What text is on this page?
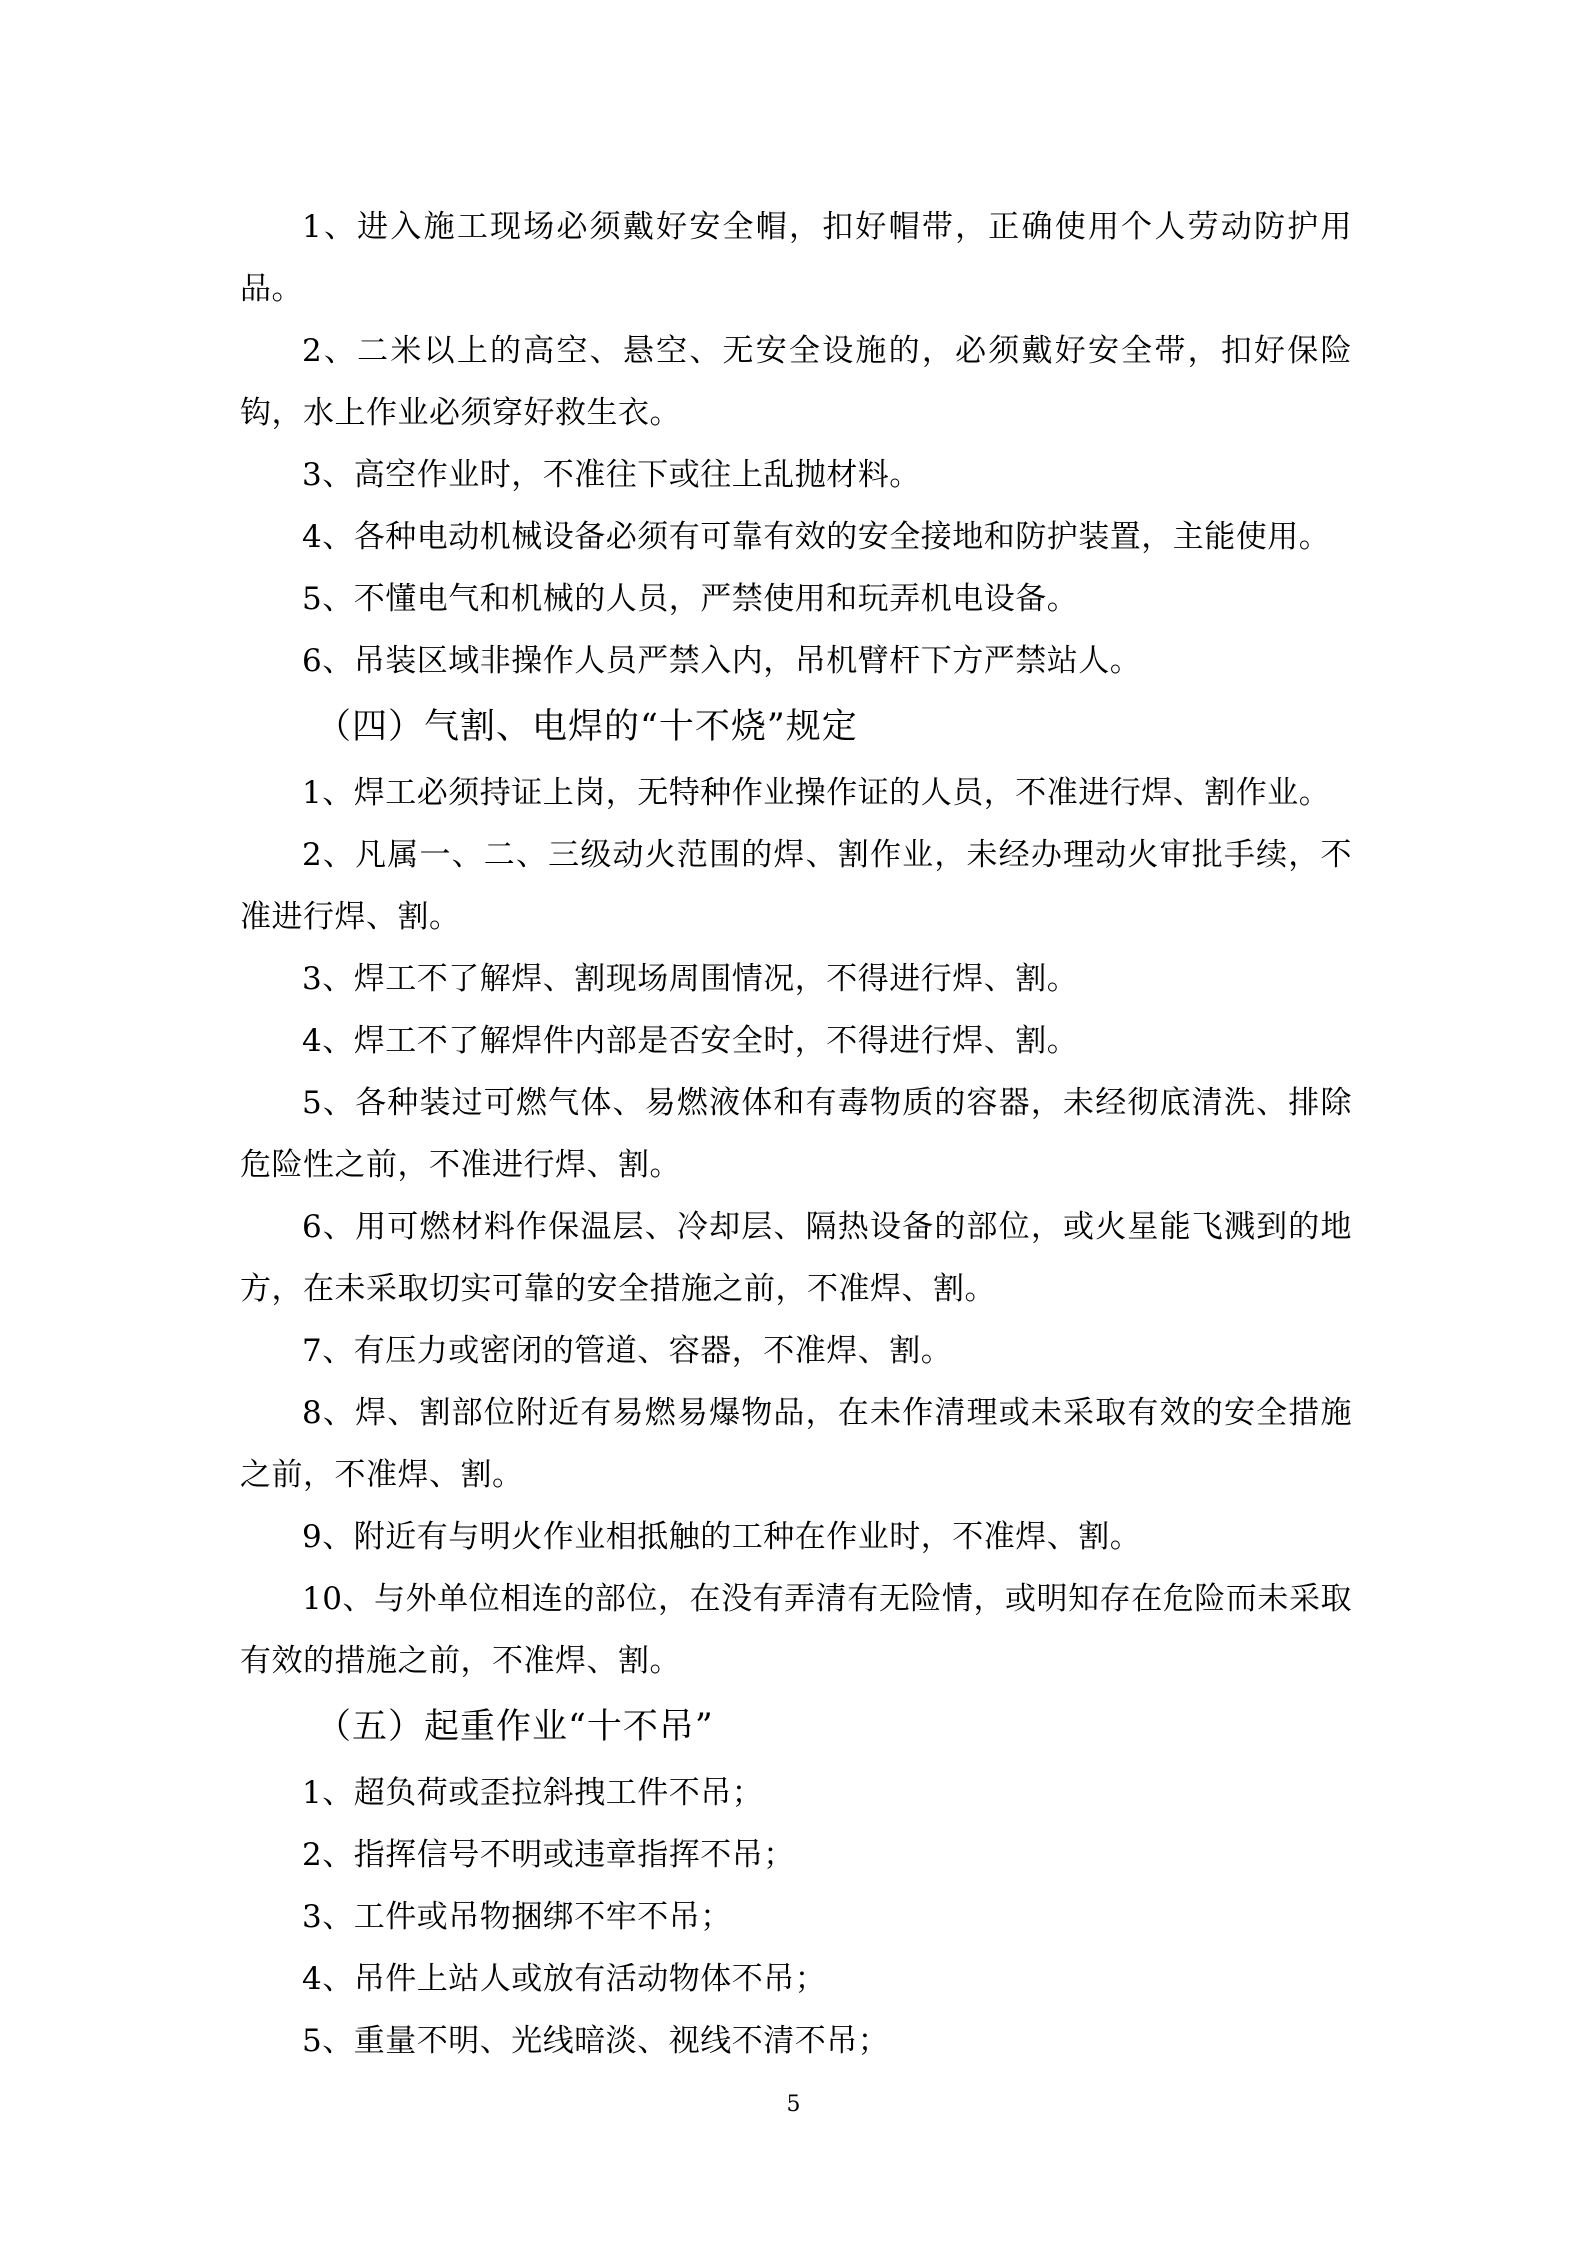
1、进入施工现场必须戴好安全帽，扣好帽带，正确使用个人劳动防护用品。

2、二米以上的高空、悬空、无安全设施的，必须戴好安全带，扣好保险钩，水上作业必须穿好救生衣。

3、高空作业时，不准往下或往上乱抛材料。

4、各种电动机械设备必须有可靠有效的安全接地和防护装置，主能使用。

5、不懂电气和机械的人员，严禁使用和玩弄机电设备。

6、吊装区域非操作人员严禁入内，吊机臂杆下方严禁站人。

（四）气割、电焊的“十不烧”规定

1、焊工必须持证上岗，无特种作业操作证的人员，不准进行焊、割作业。

2、凡属一、二、三级动火范围的焊、割作业，未经办理动火审批手续，不准进行焊、割。

3、焊工不了解焊、割现场周围情况，不得进行焊、割。

4、焊工不了解焊件内部是否安全时，不得进行焊、割。

5、各种装过可燃气体、易燃液体和有毒物质的容器，未经彻底清洗、排除危险性之前，不准进行焊、割。

6、用可燃材料作保温层、冷却层、隔热设备的部位，或火星能飞溅到的地方，在未采取切实可靠的安全措施之前，不准焊、割。

7、有压力或密闭的管道、容器，不准焊、割。

8、焊、割部位附近有易燃易爆物品，在未作清理或未采取有效的安全措施之前，不准焊、割。

9、附近有与明火作业相抵触的工种在作业时，不准焊、割。

10、与外单位相连的部位，在没有弄清有无险情，或明知存在危险而未采取有效的措施之前，不准焊、割。

（五）起重作业“十不吊”

1、超负荷或歪拉斜拽工件不吊；

2、指挥信号不明或违章指挥不吊；

3、工件或吊物捆绑不牢不吊；

4、吊件上站人或放有活动物体不吊；

5、重量不明、光线暗淡、视线不清不吊；

5
